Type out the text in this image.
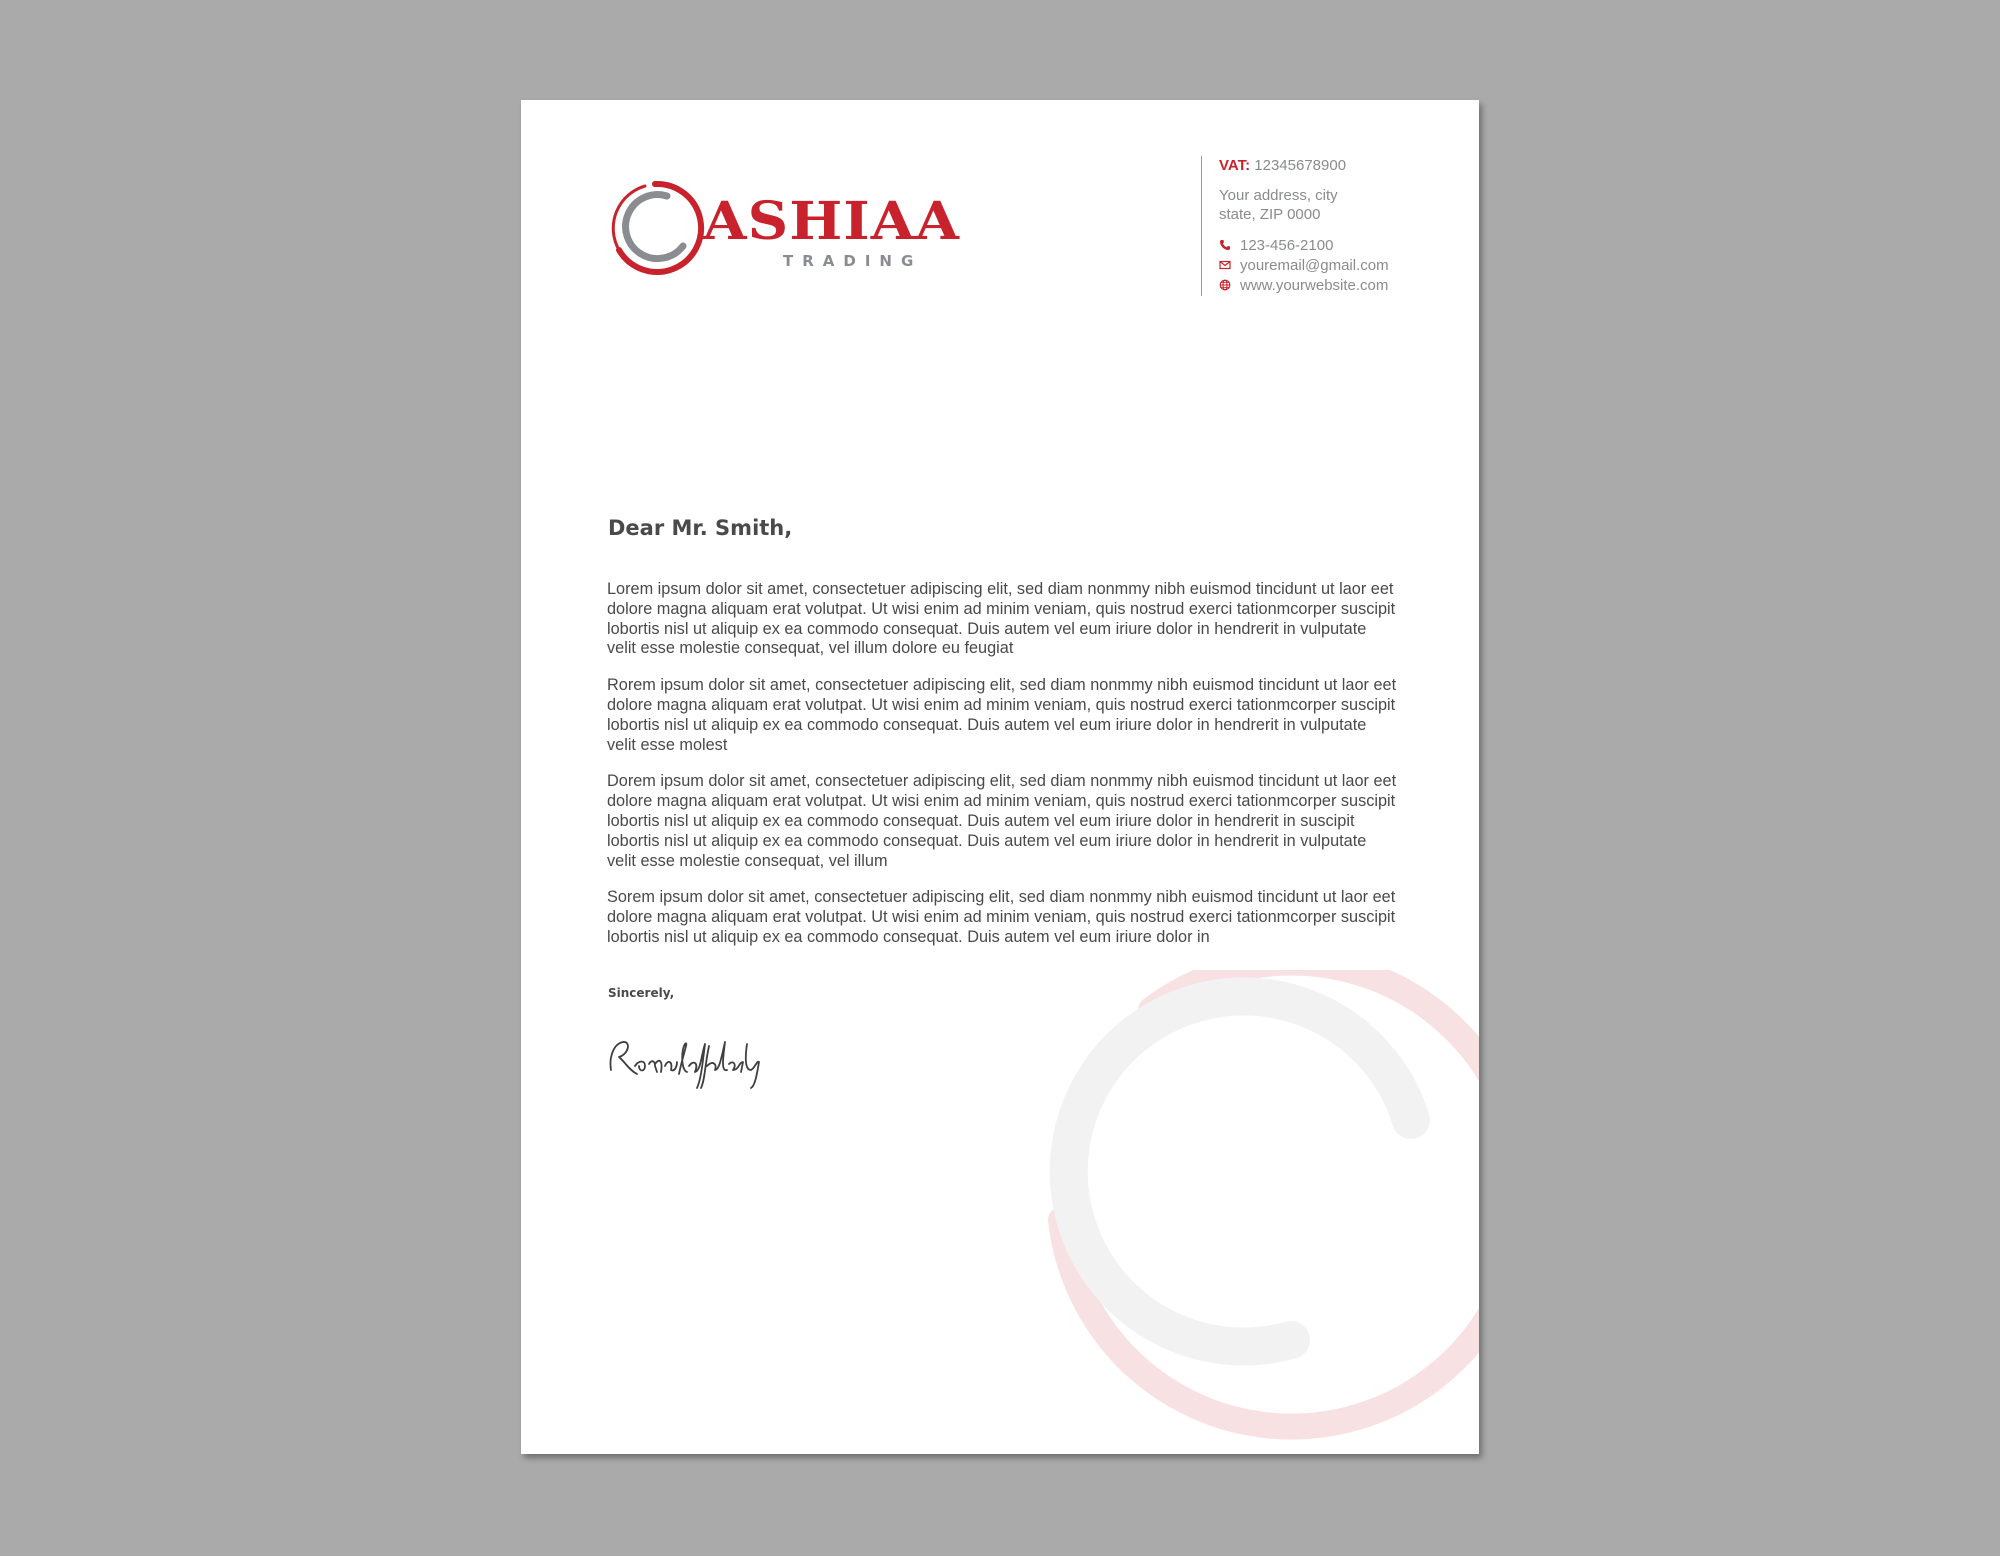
ASHIAA
TRADING
VAT: 12345678900
Your address, city
state, ZIP 0000
123-456-2100
youremail@gmail.com
www.yourwebsite.com
Dear Mr. Smith,

Lorem ipsum dolor sit amet, consectetuer adipiscing elit, sed diam nonmmy nibh euismod tincidunt ut laor eet dolore magna aliquam erat volutpat. Ut wisi enim ad minim veniam, quis nostrud exerci tationmcorper suscipit lobortis nisl ut aliquip ex ea commodo consequat. Duis autem vel eum iriure dolor in hendrerit in vulputate velit esse molestie consequat, vel illum dolore eu feugiat

Rorem ipsum dolor sit amet, consectetuer adipiscing elit, sed diam nonmmy nibh euismod tincidunt ut laor eet dolore magna aliquam erat volutpat. Ut wisi enim ad minim veniam, quis nostrud exerci tationmcorper suscipit lobortis nisl ut aliquip ex ea commodo consequat. Duis autem vel eum iriure dolor in hendrerit in vulputate velit esse molest

Dorem ipsum dolor sit amet, consectetuer adipiscing elit, sed diam nonmmy nibh euismod tincidunt ut laor eet dolore magna aliquam erat volutpat. Ut wisi enim ad minim veniam, quis nostrud exerci tationmcorper suscipit lobortis nisl ut aliquip ex ea commodo consequat. Duis autem vel eum iriure dolor in hendrerit in suscipit lobortis nisl ut aliquip ex ea commodo consequat. Duis autem vel eum iriure dolor in hendrerit in vulputate velit esse molestie consequat, vel illum

Sorem ipsum dolor sit amet, consectetuer adipiscing elit, sed diam nonmmy nibh euismod tincidunt ut laor eet dolore magna aliquam erat volutpat. Ut wisi enim ad minim veniam, quis nostrud exerci tationmcorper suscipit lobortis nisl ut aliquip ex ea commodo consequat. Duis autem vel eum iriure dolor in

Sincerely,
